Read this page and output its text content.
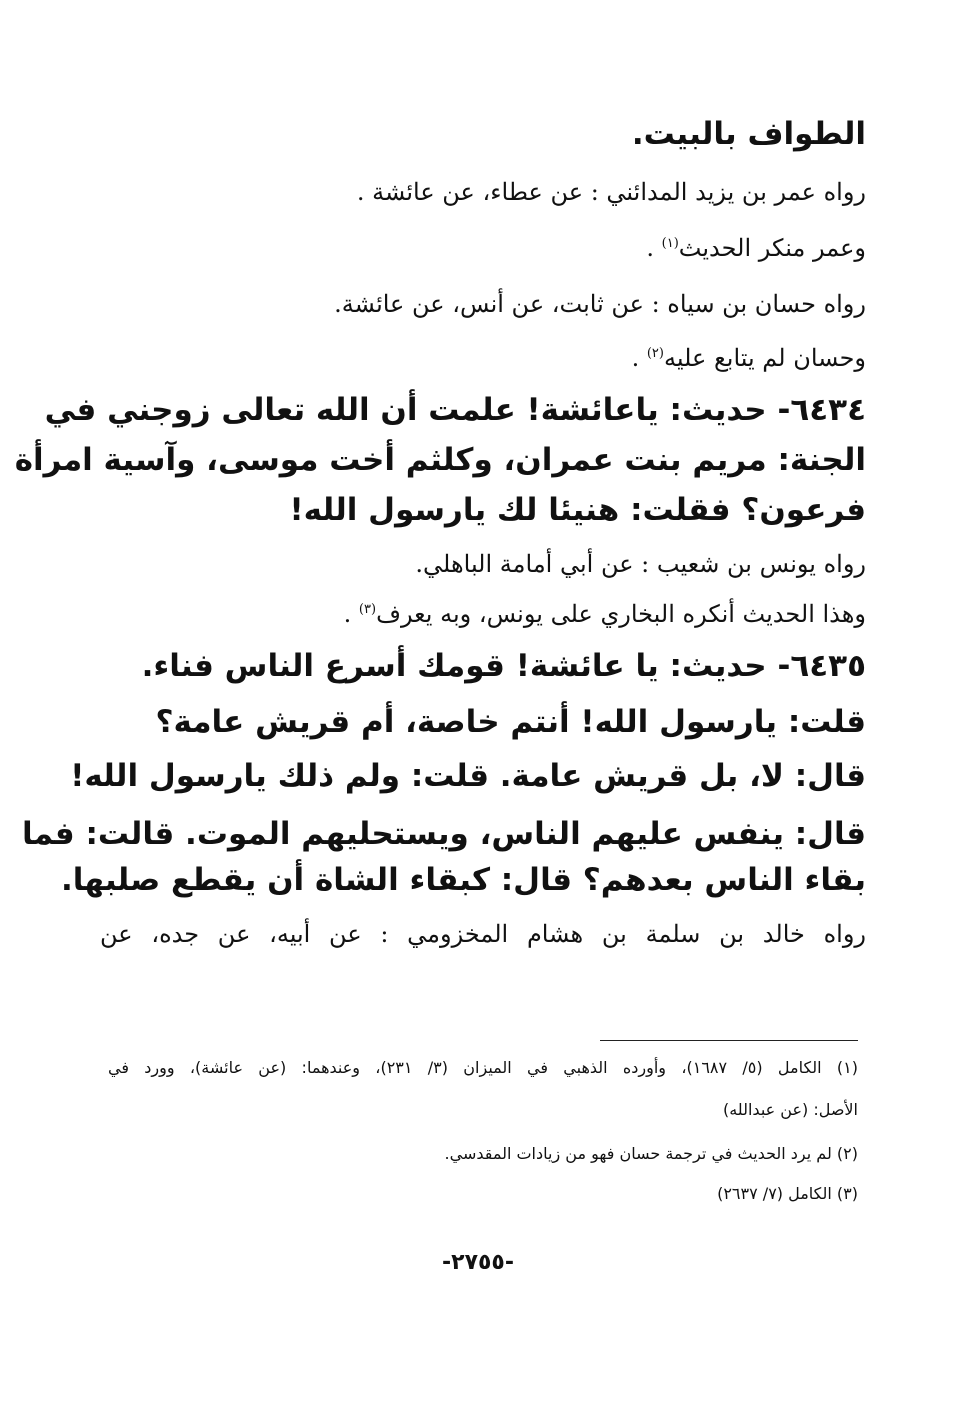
الطواف بالبيت.
رواه عمر بن يزيد المدائني : عن عطاء، عن عائشة .
وعمر منكر الحديث$^{(١)}$ .
رواه حسان بن سياه : عن ثابت، عن أنس، عن عائشة.
وحسان لم يتابع عليه$^{(٢)}$ .
٦٤٣٤- حديث: ياعائشة! علمت أن الله تعالى زوجني في
الجنة: مريم بنت عمران، وكلثم أخت موسى، وآسية امرأة
فرعون؟ فقلت: هنيئا لك يارسول الله!
رواه يونس بن شعيب : عن أبي أمامة الباهلي.
وهذا الحديث أنكره البخاري على يونس، وبه يعرف$^{(٣)}$ .
٦٤٣٥- حديث: يا عائشة! قومك أسرع الناس فناء.
قلت: يارسول الله! أنتم خاصة، أم قريش عامة؟
قال: لا، بل قريش عامة. قلت: ولم ذلك يارسول الله!
قال: ينفس عليهم الناس، ويستحليهم الموت. قالت: فما
بقاء الناس بعدهم؟ قال: كبقاء الشاة أن يقطع صلبها.
رواه خالد بن سلمة بن هشام المخزومي : عن أبيه، عن جده، عن
(١) الكامل (٥/ ١٦٨٧)، وأورده الذهبي في الميزان (٣/ ٢٣١)، وعندهما: (عن عائشة)، وورد في
الأصل: (عن عبدالله)
(٢) لم يرد الحديث في ترجمة حسان فهو من زيادات المقدسي.
(٣) الكامل (٧/ ٢٦٣٧)
-٢٧٥٥-
